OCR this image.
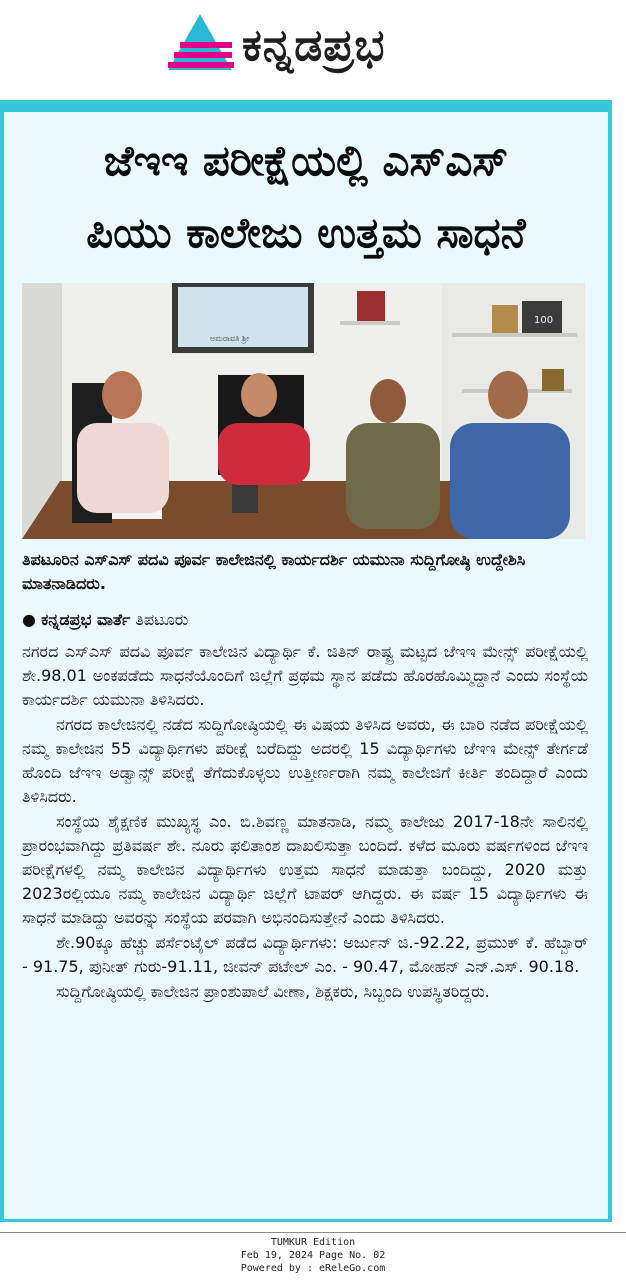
ಕನ್ನಡಪ್ರಭ
ಜೆಇಇ ಪರೀಕ್ಷೆಯಲ್ಲಿ ಎಸ್‌ಎಸ್
ಪಿಯು ಕಾಲೇಜು ಉತ್ತಮ ಸಾಧನೆ
ಅಮರಾವತಿ ಶ್ರೀ
100
ತಿಪಟೂರಿನ ಎಸ್‌ಎಸ್ ಪದವಿ ಪೂರ್ವ ಕಾಲೇಜಿನಲ್ಲಿ ಕಾರ್ಯದರ್ಶಿ ಯಮುನಾ ಸುದ್ದಿಗೋಷ್ಠಿ ಉದ್ದೇಶಿಸಿ ಮಾತನಾಡಿದರು.
● ಕನ್ನಡಪ್ರಭ ವಾರ್ತೆ ತಿಪಟೂರು

ನಗರದ ಎಸ್‌ಎಸ್ ಪದವಿ ಪೂರ್ವ ಕಾಲೇಜಿನ ವಿದ್ಯಾರ್ಥಿ ಕೆ. ಜಿತಿನ್ ರಾಷ್ಟ್ರ ಮಟ್ಟದ ಜೆಇಇ ಮೇನ್ಸ್ ಪರೀಕ್ಷೆಯಲ್ಲಿ ಶೇ.98.01 ಅಂಕಪಡೆದು ಸಾಧನೆಯೊಂದಿಗೆ ಜಿಲ್ಲೆಗೆ ಪ್ರಥಮ ಸ್ಥಾನ ಪಡೆದು ಹೊರಹೊಮ್ಮಿದ್ದಾನೆ ಎಂದು ಸಂಸ್ಥೆಯ ಕಾರ್ಯದರ್ಶಿ ಯಮುನಾ ತಿಳಿಸಿದರು.

ನಗರದ ಕಾಲೇಜಿನಲ್ಲಿ ನಡೆದ ಸುದ್ದಿಗೋಷ್ಠಿಯಲ್ಲಿ ಈ ವಿಷಯ ತಿಳಿಸಿದ ಅವರು, ಈ ಬಾರಿ ನಡೆದ ಪರೀಕ್ಷೆಯಲ್ಲಿ ನಮ್ಮ ಕಾಲೇಜಿನ 55 ವಿದ್ಯಾರ್ಥಿಗಳು ಪರೀಕ್ಷೆ ಬರೆದಿದ್ದು ಅದರಲ್ಲಿ 15 ವಿದ್ಯಾರ್ಥಿಗಳು ಜೆಇಇ ಮೇನ್ಸ್ ತೇರ್ಗಡೆ ಹೊಂದಿ ಜೆಇಇ ಅಡ್ವಾನ್ಸ್ ಪರೀಕ್ಷೆ ತೆಗೆದುಕೊಳ್ಳಲು ಉತ್ತೀರ್ಣರಾಗಿ ನಮ್ಮ ಕಾಲೇಜಿಗೆ ಕೀರ್ತಿ ತಂದಿದ್ದಾರೆ ಎಂದು ತಿಳಿಸಿದರು.

ಸಂಸ್ಥೆಯ ಶೈಕ್ಷಣಿಕ ಮುಖ್ಯಸ್ಥ ಎಂ. ಬಿ.ಶಿವಣ್ಣ ಮಾತನಾಡಿ, ನಮ್ಮ ಕಾಲೇಜು 2017-18ನೇ ಸಾಲಿನಲ್ಲಿ ಪ್ರಾರಂಭವಾಗಿದ್ದು ಪ್ರತಿವರ್ಷ ಶೇ. ನೂರು ಫಲಿತಾಂಶ ದಾಖಲಿಸುತ್ತಾ ಬಂದಿದೆ. ಕಳೆದ ಮೂರು ವರ್ಷಗಳಿಂದ ಜೆಇಇ ಪರೀಕ್ಷೆಗಳಲ್ಲಿ ನಮ್ಮ ಕಾಲೇಜಿನ ವಿದ್ಯಾರ್ಥಿಗಳು ಉತ್ತಮ ಸಾಧನೆ ಮಾಡುತ್ತಾ ಬಂದಿದ್ದು, 2020 ಮತ್ತು 2023ರಲ್ಲಿಯೂ ನಮ್ಮ ಕಾಲೇಜಿನ ವಿದ್ಯಾರ್ಥಿ ಜಿಲ್ಲೆಗೆ ಟಾಪರ್ ಆಗಿದ್ದರು. ಈ ವರ್ಷ 15 ವಿದ್ಯಾರ್ಥಿಗಳು ಈ ಸಾಧನೆ ಮಾಡಿದ್ದು ಅವರನ್ನು ಸಂಸ್ಥೆಯ ಪರವಾಗಿ ಅಭಿನಂದಿಸುತ್ತೇನೆ ಎಂದು ತಿಳಿಸಿದರು.

ಶೇ.90ಕ್ಕೂ ಹೆಚ್ಚು ಪರ್ಸೆಂಟೈಲ್ ಪಡೆದ ವಿದ್ಯಾರ್ಥಿಗಳು: ಅರ್ಜುನ್ ಜಿ.-92.22, ಪ್ರಮುಕ್ ಕೆ. ಹೆಬ್ಬಾರ್ - 91.75, ಪುನೀತ್ ಗುರು-91.11, ಜೀವನ್ ಪಟೇಲ್ ಎಂ. - 90.47, ಮೋಹನ್ ಎನ್.ಎಸ್. 90.18.

ಸುದ್ದಿಗೋಷ್ಠಿಯಲ್ಲಿ ಕಾಲೇಜಿನ ಪ್ರಾಂಶುಪಾಲೆ ವೀಣಾ, ಶಿಕ್ಷಕರು, ಸಿಬ್ಬಂದಿ ಉಪಸ್ಥಿತರಿದ್ದರು.

TUMKUR Edition
Feb 19, 2024 Page No. 02
Powered by : eReleGo.com
